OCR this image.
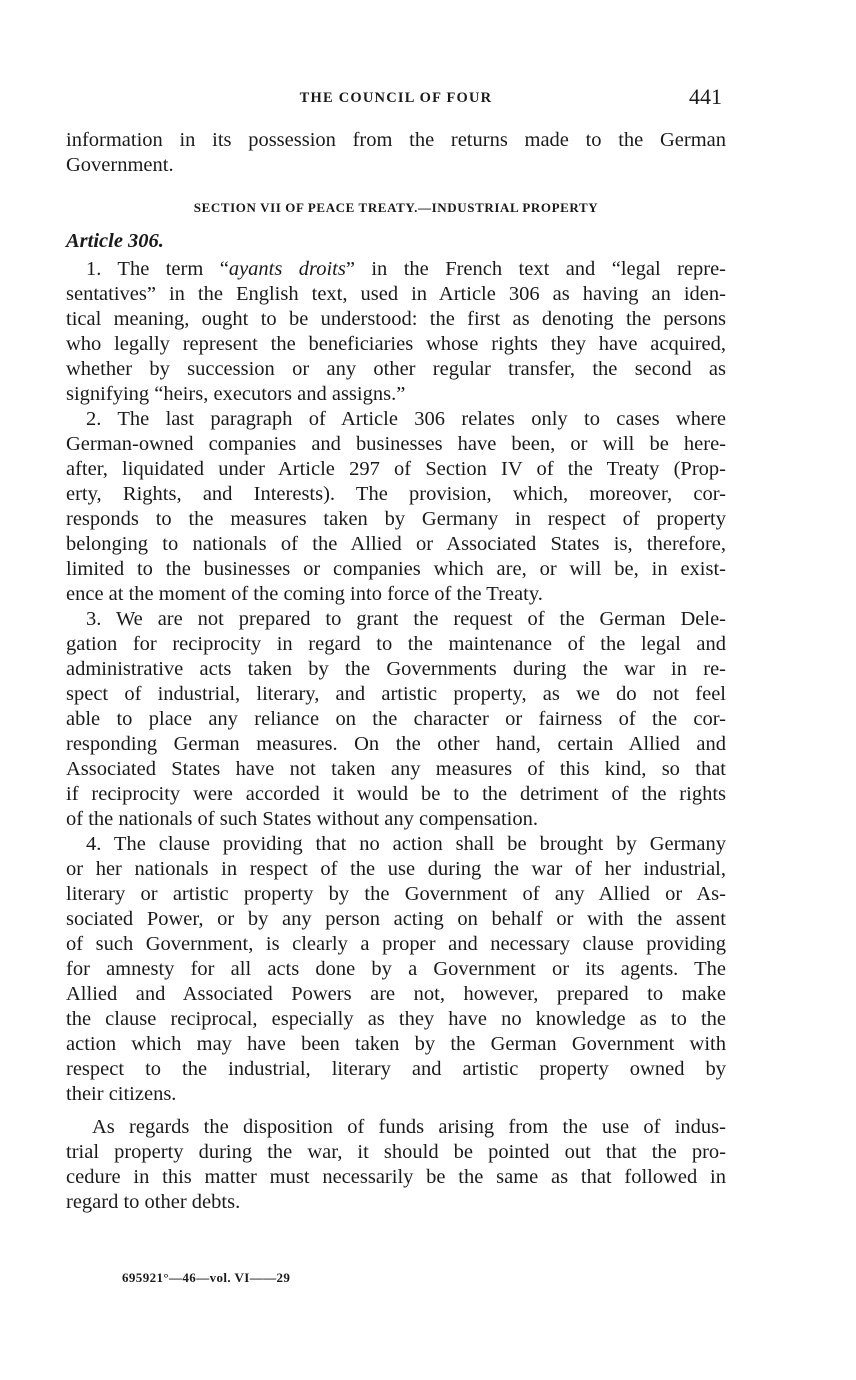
THE COUNCIL OF FOUR	441

information in its possession from the returns made to the German
Government.

SECTION VII OF PEACE TREATY.—INDUSTRIAL PROPERTY
Article 306.

1. The term “ayants droits” in the French text and “legal repre-
sentatives” in the English text, used in Article 306 as having an iden-
tical meaning, ought to be understood: the first as denoting the persons
who legally represent the beneficiaries whose rights they have acquired,
whether by succession or any other regular transfer, the second as
signifying “heirs, executors and assigns.”

2. The last paragraph of Article 306 relates only to cases where
German-owned companies and businesses have been, or will be here-
after, liquidated under Article 297 of Section IV of the Treaty (Prop-
erty, Rights, and Interests). The provision, which, moreover, cor-
responds to the measures taken by Germany in respect of property
belonging to nationals of the Allied or Associated States is, therefore,
limited to the businesses or companies which are, or will be, in exist-
ence at the moment of the coming into force of the Treaty.

3. We are not prepared to grant the request of the German Dele-
gation for reciprocity in regard to the maintenance of the legal and
administrative acts taken by the Governments during the war in re-
spect of industrial, literary, and artistic property, as we do not feel
able to place any reliance on the character or fairness of the cor-
responding German measures. On the other hand, certain Allied and
Associated States have not taken any measures of this kind, so that
if reciprocity were accorded it would be to the detriment of the rights
of the nationals of such States without any compensation.

4. The clause providing that no action shall be brought by Germany
or her nationals in respect of the use during the war of her industrial,
literary or artistic property by the Government of any Allied or As-
sociated Power, or by any person acting on behalf or with the assent
of such Government, is clearly a proper and necessary clause providing
for amnesty for all acts done by a Government or its agents. The
Allied and Associated Powers are not, however, prepared to make
the clause reciprocal, especially as they have no knowledge as to the
action which may have been taken by the German Government with
respect to the industrial, literary and artistic property owned by
their citizens.

As regards the disposition of funds arising from the use of indus-
trial property during the war, it should be pointed out that the pro-
cedure in this matter must necessarily be the same as that followed in
regard to other debts.

695921°—46—vol. VI——29
